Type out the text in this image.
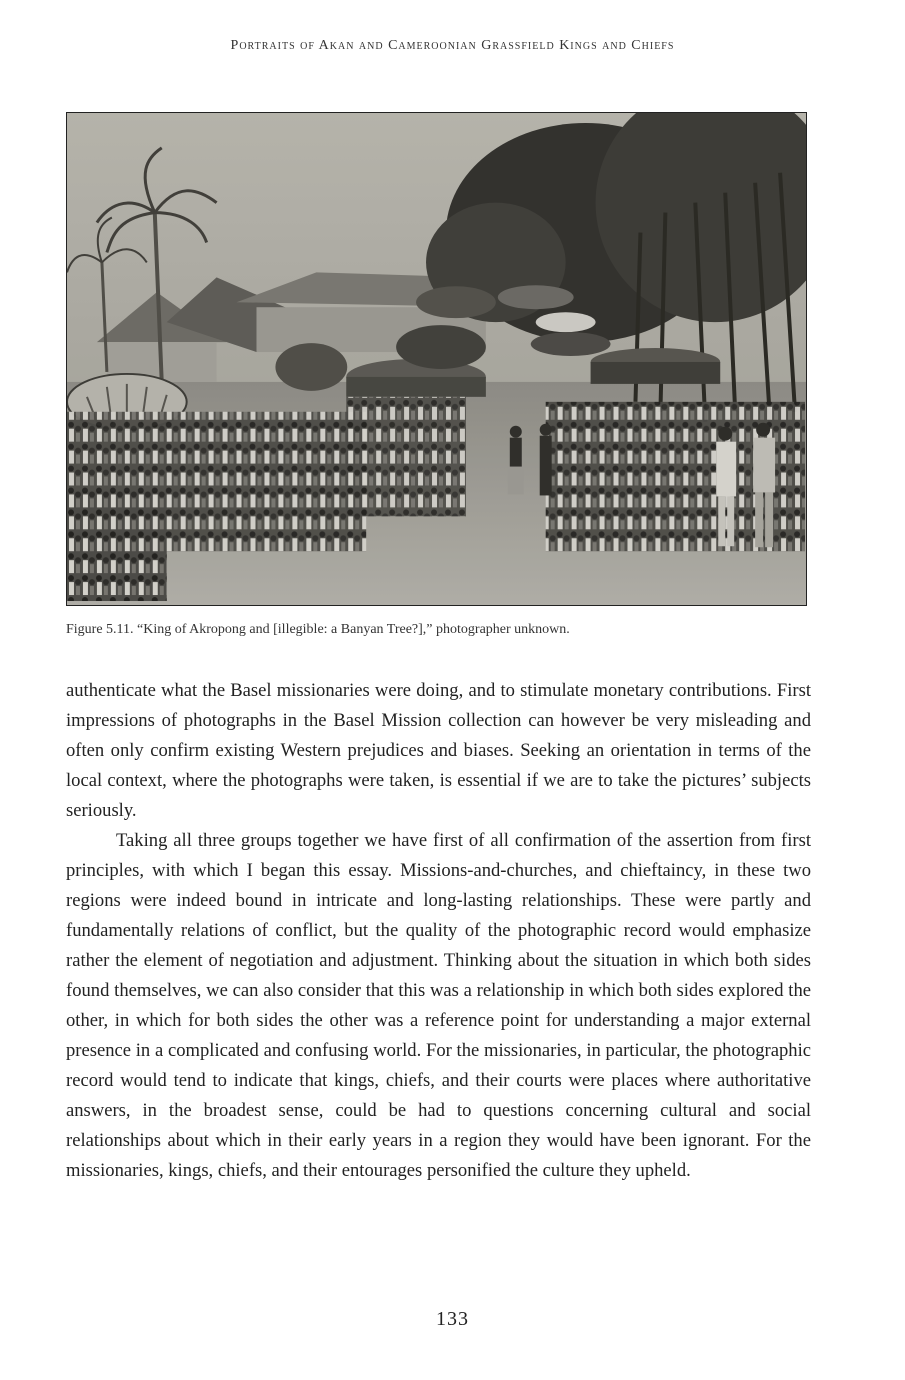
Portraits of Akan and Cameroonian Grassfield Kings and Chiefs
Figure 5.11. “King of Akropong and [illegible: a Banyan Tree?],” photographer unknown.

authenticate what the Basel missionaries were doing, and to stimulate monetary contributions. First impressions of photographs in the Basel Mission collection can however be very misleading and often only confirm existing Western prejudices and biases. Seeking an orientation in terms of the local context, where the photographs were taken, is essential if we are to take the pictures’ subjects seriously.

Taking all three groups together we have first of all confirmation of the assertion from first principles, with which I began this essay. Missions-and-churches, and chieftaincy, in these two regions were indeed bound in intricate and long-lasting relationships. These were partly and fundamentally relations of conflict, but the quality of the photographic record would emphasize rather the element of negotiation and adjustment. Thinking about the situation in which both sides found themselves, we can also consider that this was a relationship in which both sides explored the other, in which for both sides the other was a reference point for understanding a major external presence in a complicated and confusing world. For the missionaries, in particular, the photographic record would tend to indicate that kings, chiefs, and their courts were places where authoritative answers, in the broadest sense, could be had to questions concerning cultural and social relationships about which in their early years in a region they would have been ignorant. For the missionaries, kings, chiefs, and their entourages personified the culture they upheld.

133
